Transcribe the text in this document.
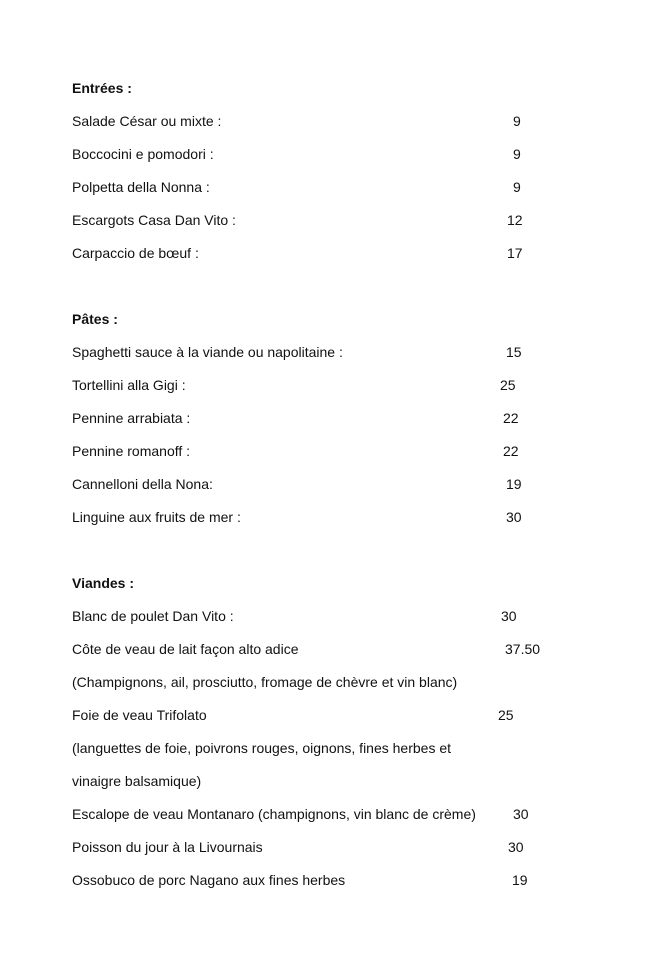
Entrées :
Salade César ou mixte :	9
Boccocini e pomodori :	9
Polpetta della Nonna :	9
Escargots Casa Dan Vito :	12
Carpaccio de bœuf :	17
Pâtes :
Spaghetti sauce à la viande ou napolitaine :	15
Tortellini alla Gigi :	25
Pennine arrabiata :	22
Pennine romanoff :	22
Cannelloni della Nona:	19
Linguine aux fruits de mer :	30
Viandes :
Blanc de poulet Dan Vito :	30
Côte de veau de lait façon alto adice	37.50
(Champignons, ail, prosciutto, fromage de chèvre et vin blanc)
Foie de veau Trifolato	25
(languettes de foie, poivrons rouges, oignons, fines herbes et
vinaigre balsamique)
Escalope de veau Montanaro (champignons, vin blanc de crème)	30
Poisson du jour à la Livournais	30
Ossobuco de porc Nagano aux fines herbes	19
